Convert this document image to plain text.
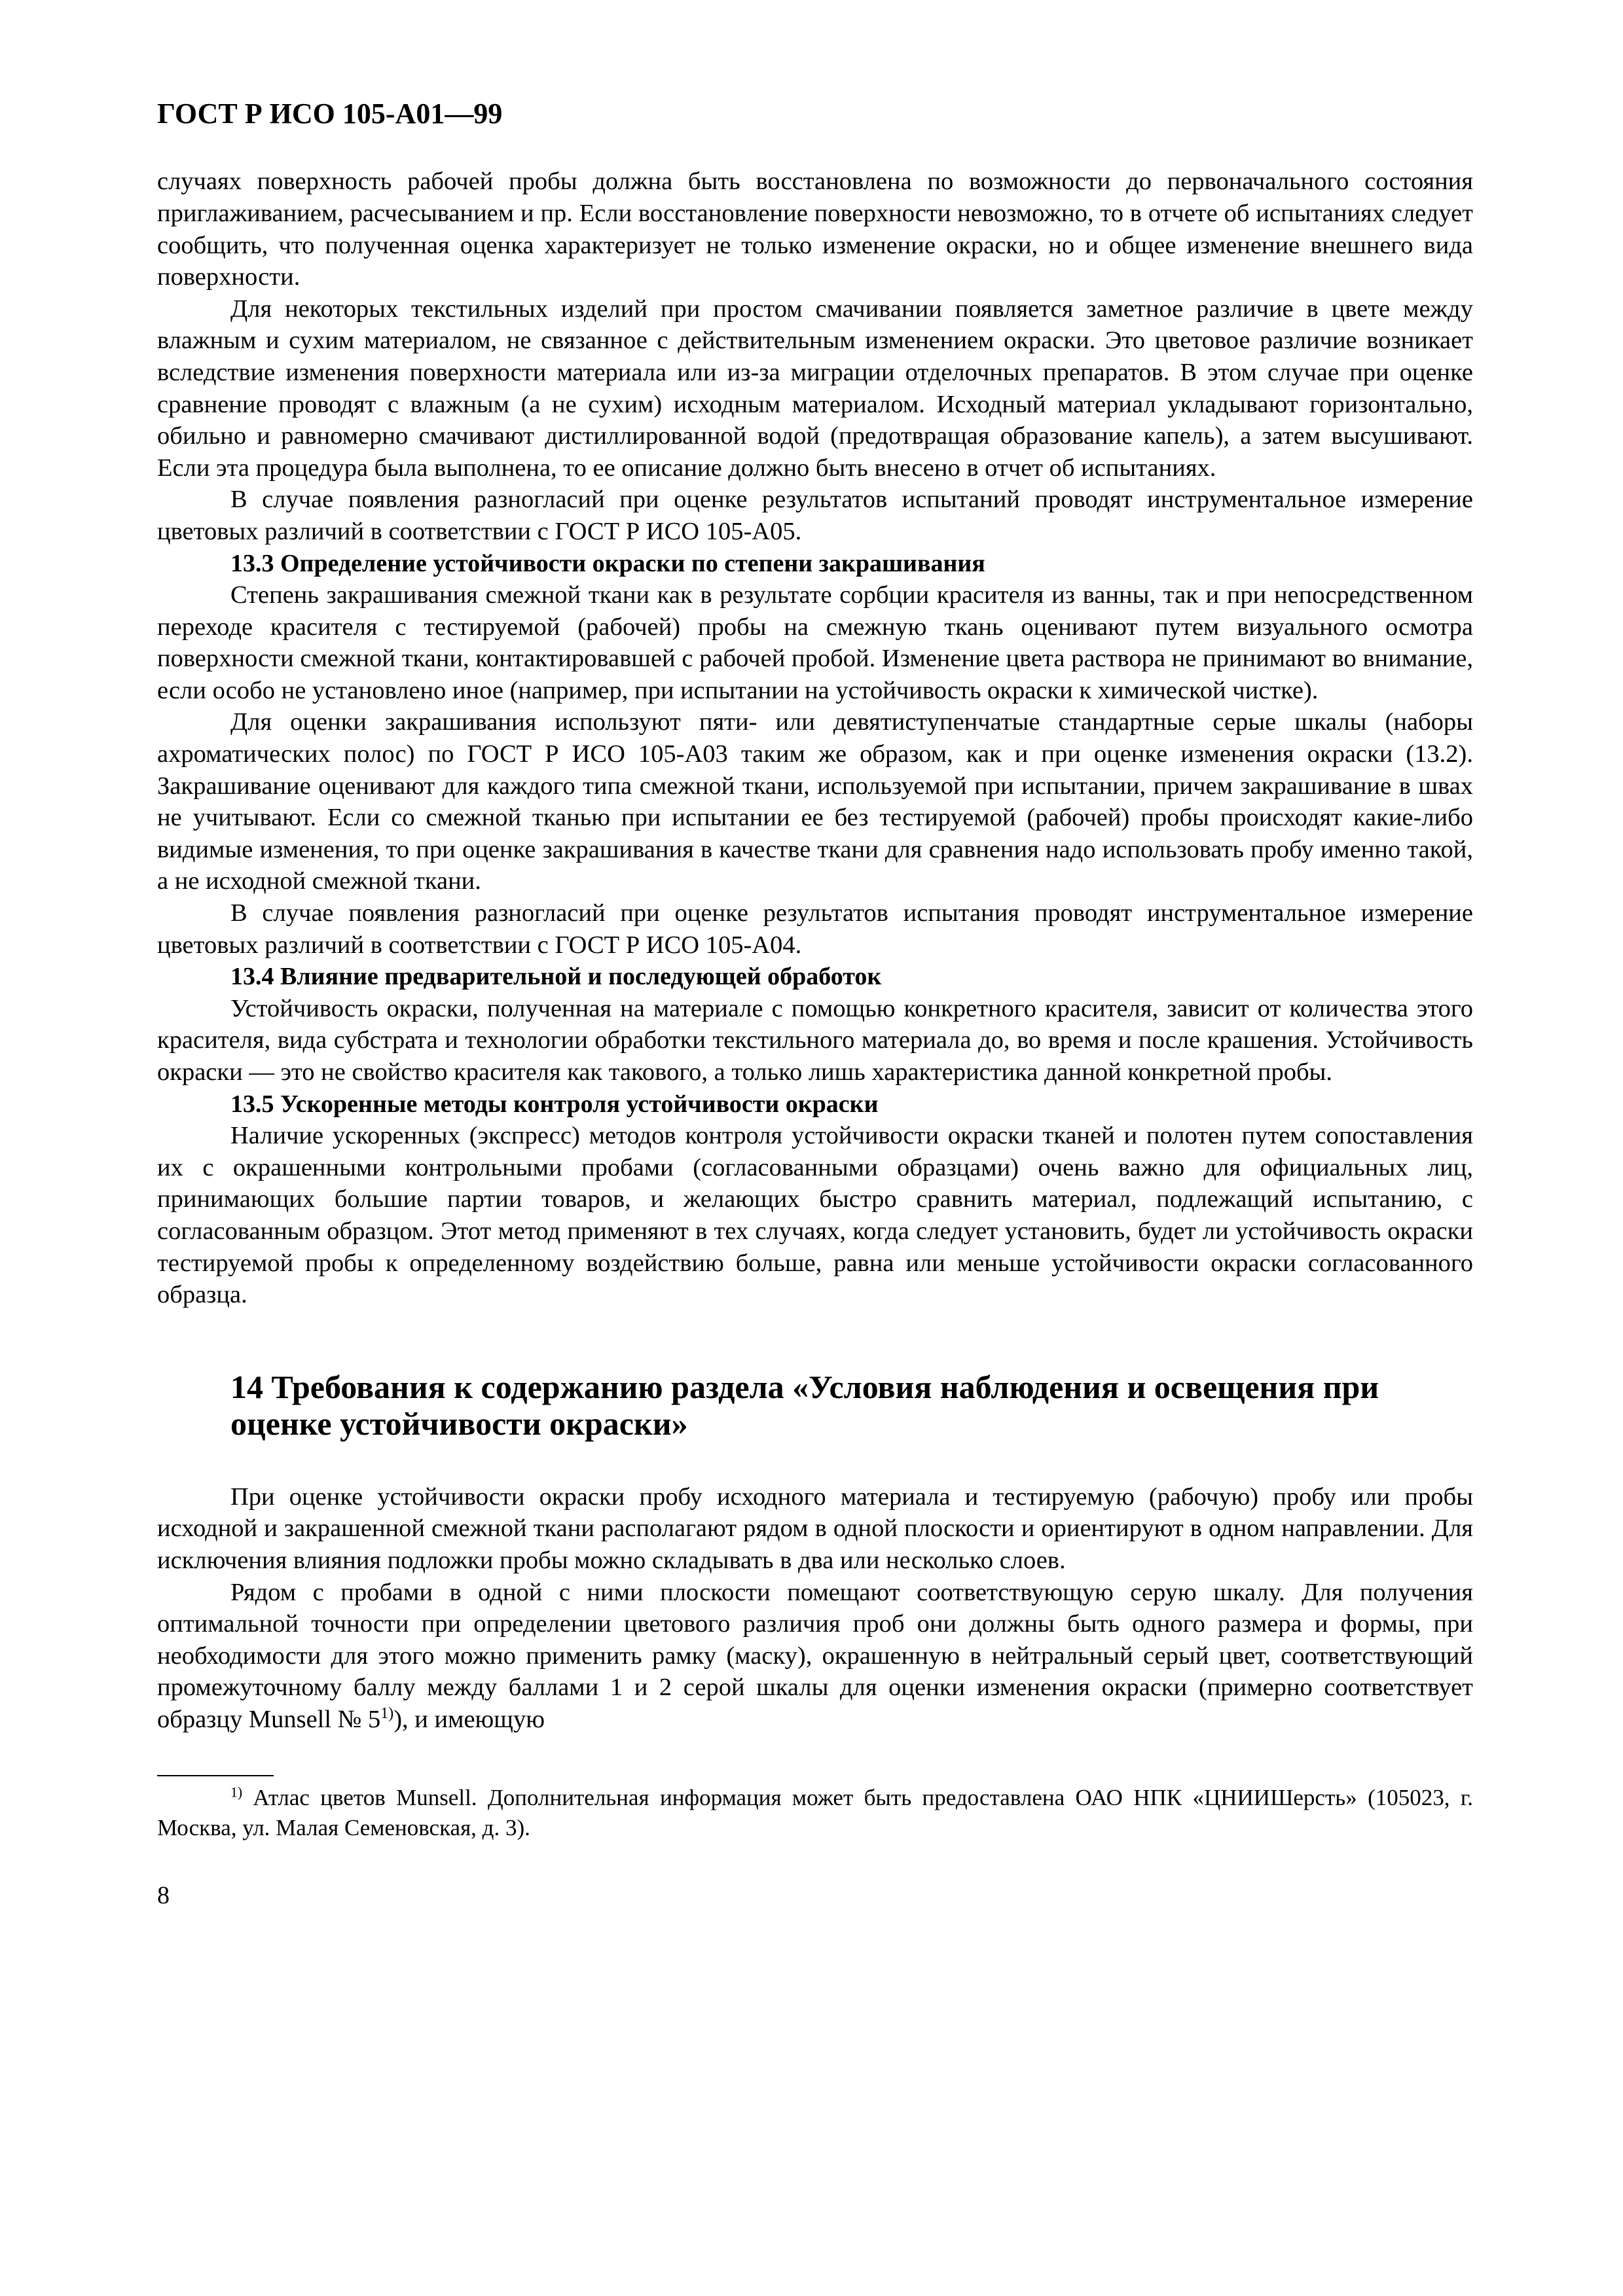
ГОСТ Р ИСО 105-А01—99

случаях поверхность рабочей пробы должна быть восстановлена по возможности до первоначального состояния приглаживанием, расчесыванием и пр. Если восстановление поверхности невозможно, то в отчете об испытаниях следует сообщить, что полученная оценка характеризует не только изменение окраски, но и общее изменение внешнего вида поверхности.

Для некоторых текстильных изделий при простом смачивании появляется заметное различие в цвете между влажным и сухим материалом, не связанное с действительным изменением окраски. Это цветовое различие возникает вследствие изменения поверхности материала или из-за миграции отделочных препаратов. В этом случае при оценке сравнение проводят с влажным (а не сухим) исходным материалом. Исходный материал укладывают горизонтально, обильно и равномерно смачивают дистиллированной водой (предотвращая образование капель), а затем высушивают. Если эта процедура была выполнена, то ее описание должно быть внесено в отчет об испытаниях.

В случае появления разногласий при оценке результатов испытаний проводят инструментальное измерение цветовых различий в соответствии с ГОСТ Р ИСО 105-А05.

13.3 Определение устойчивости окраски по степени закрашивания

Степень закрашивания смежной ткани как в результате сорбции красителя из ванны, так и при непосредственном переходе красителя с тестируемой (рабочей) пробы на смежную ткань оценивают путем визуального осмотра поверхности смежной ткани, контактировавшей с рабочей пробой. Изменение цвета раствора не принимают во внимание, если особо не установлено иное (например, при испытании на устойчивость окраски к химической чистке).

Для оценки закрашивания используют пяти- или девятиступенчатые стандартные серые шкалы (наборы ахроматических полос) по ГОСТ Р ИСО 105-А03 таким же образом, как и при оценке изменения окраски (13.2). Закрашивание оценивают для каждого типа смежной ткани, используемой при испытании, причем закрашивание в швах не учитывают. Если со смежной тканью при испытании ее без тестируемой (рабочей) пробы происходят какие-либо видимые изменения, то при оценке закрашивания в качестве ткани для сравнения надо использовать пробу именно такой, а не исходной смежной ткани.

В случае появления разногласий при оценке результатов испытания проводят инструментальное измерение цветовых различий в соответствии с ГОСТ Р ИСО 105-А04.

13.4 Влияние предварительной и последующей обработок

Устойчивость окраски, полученная на материале с помощью конкретного красителя, зависит от количества этого красителя, вида субстрата и технологии обработки текстильного материала до, во время и после крашения. Устойчивость окраски — это не свойство красителя как такового, а только лишь характеристика данной конкретной пробы.

13.5 Ускоренные методы контроля устойчивости окраски

Наличие ускоренных (экспресс) методов контроля устойчивости окраски тканей и полотен путем сопоставления их с окрашенными контрольными пробами (согласованными образцами) очень важно для официальных лиц, принимающих большие партии товаров, и желающих быстро сравнить материал, подлежащий испытанию, с согласованным образцом. Этот метод применяют в тех случаях, когда следует установить, будет ли устойчивость окраски тестируемой пробы к определенному воздействию больше, равна или меньше устойчивости окраски согласованного образца.

14 Требования к содержанию раздела «Условия наблюдения и освещения при оценке устойчивости окраски»

При оценке устойчивости окраски пробу исходного материала и тестируемую (рабочую) пробу или пробы исходной и закрашенной смежной ткани располагают рядом в одной плоскости и ориентируют в одном направлении. Для исключения влияния подложки пробы можно складывать в два или несколько слоев.

Рядом с пробами в одной с ними плоскости помещают соответствующую серую шкалу. Для получения оптимальной точности при определении цветового различия проб они должны быть одного размера и формы, при необходимости для этого можно применить рамку (маску), окрашенную в нейтральный серый цвет, соответствующий промежуточному баллу между баллами 1 и 2 серой шкалы для оценки изменения окраски (примерно соответствует образцу Munsell № 5$^{1)}$), и имеющую

$^{1)}$ Атлас цветов Munsell. Дополнительная информация может быть предоставлена ОАО НПК «ЦНИИШерсть» (105023, г. Москва, ул. Малая Семеновская, д. 3).

8
